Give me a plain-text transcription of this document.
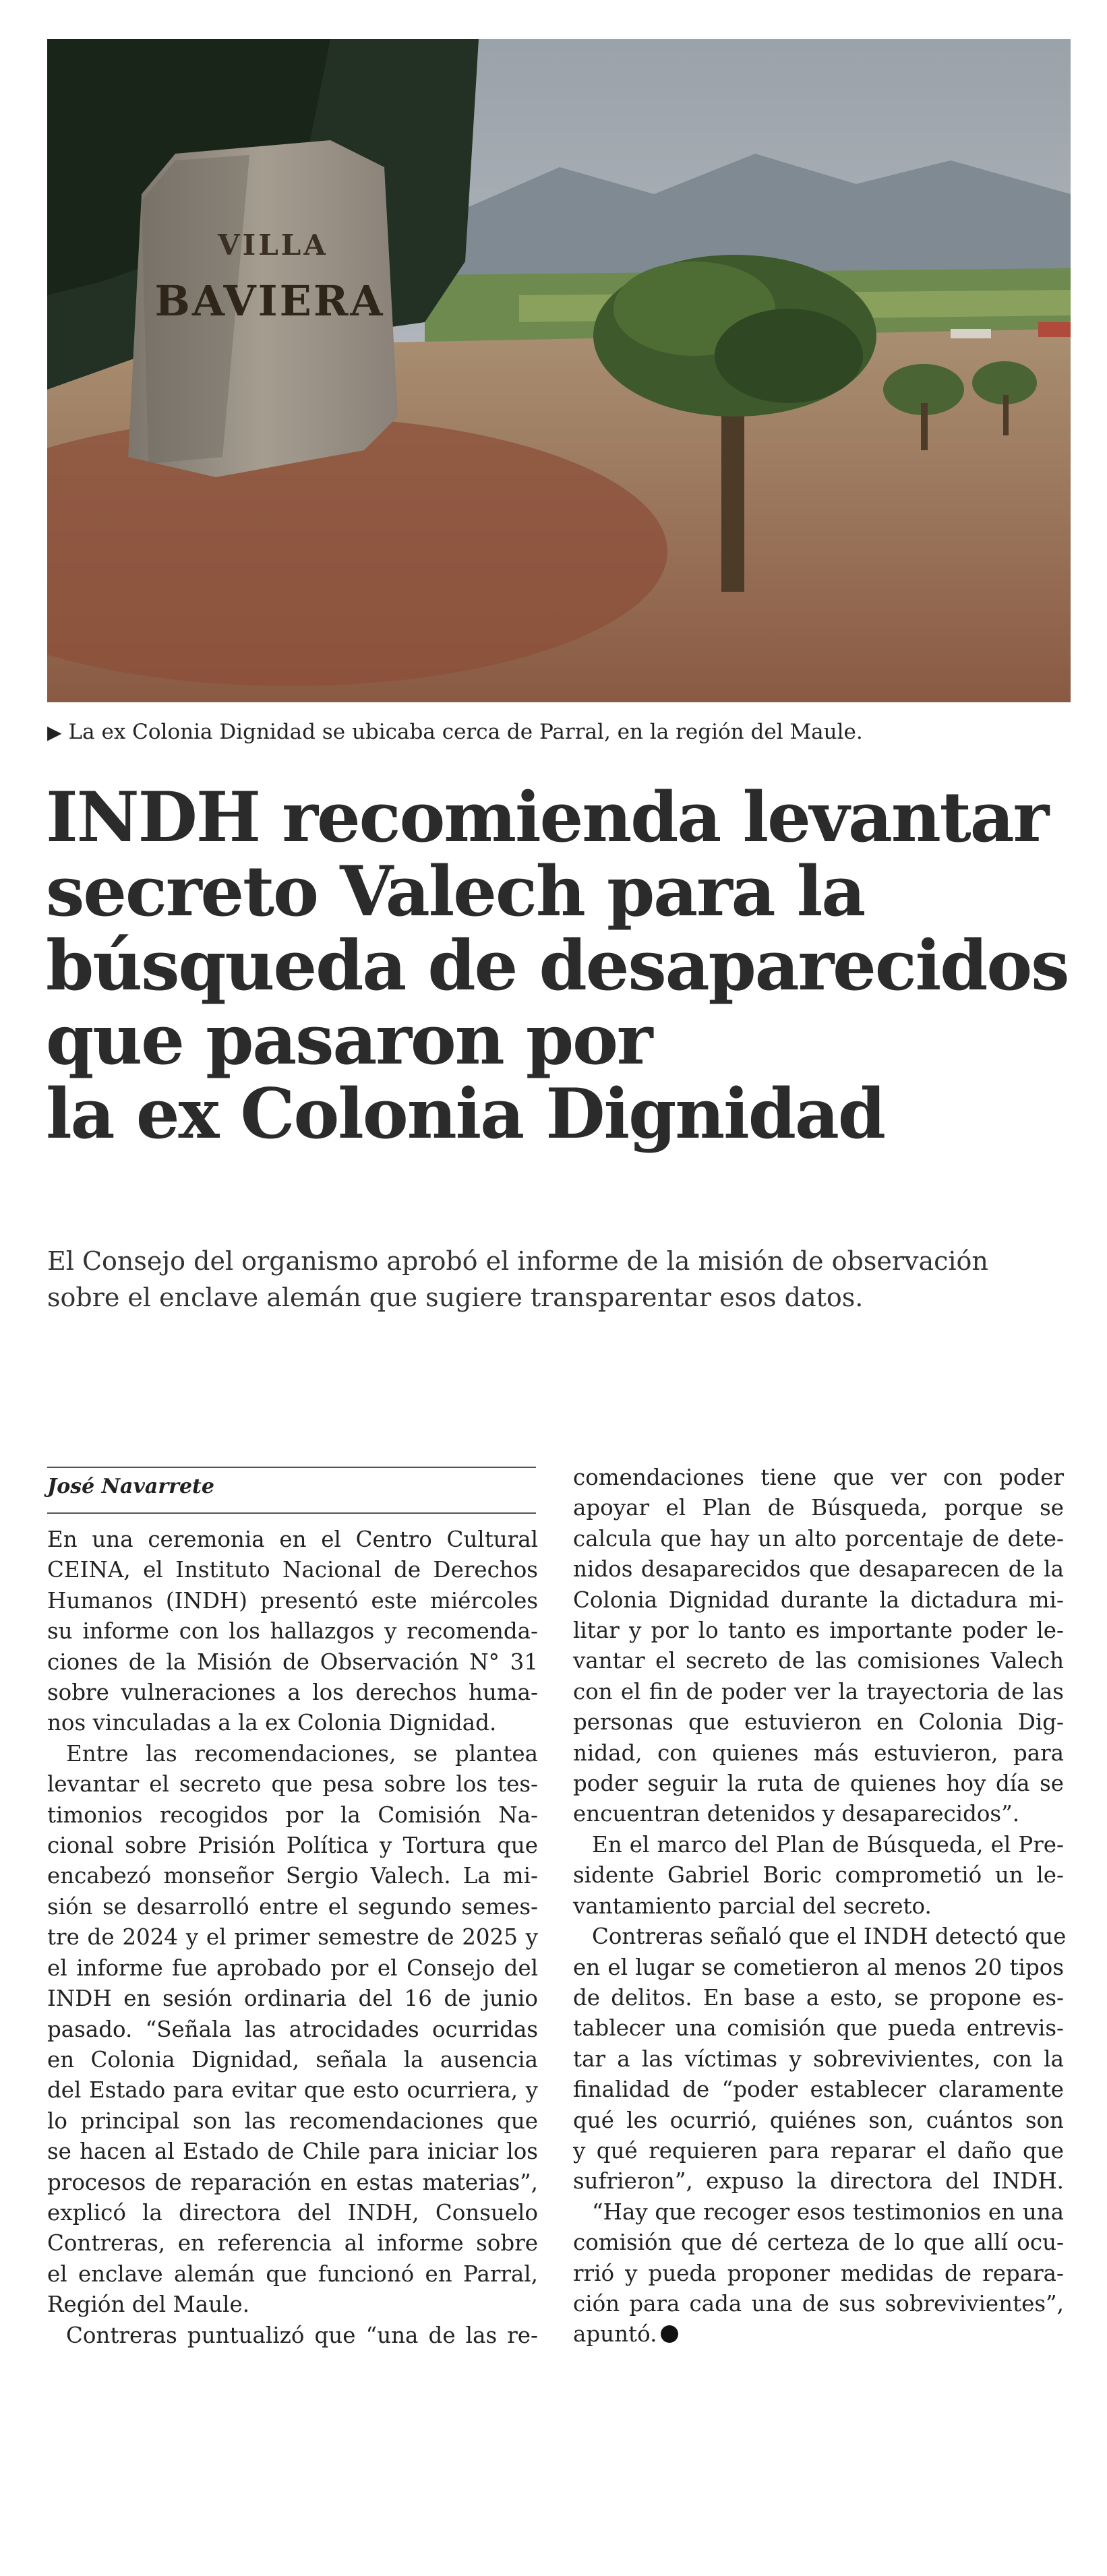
VILLA
BAVIERA
▶ La ex Colonia Dignidad se ubicaba cerca de Parral, en la región del Maule.
INDH recomienda levantar
secreto Valech para la
búsqueda de desaparecidos
que pasaron por
la ex Colonia Dignidad
El Consejo del organismo aprobó el informe de la misión de observación
sobre el enclave alemán que sugiere transparentar esos datos.
José Navarrete
En una ceremonia en el Centro Cultural
CEINA, el Instituto Nacional de Derechos
Humanos (INDH) presentó este miércoles
su informe con los hallazgos y recomenda-
ciones de la Misión de Observación N° 31
sobre vulneraciones a los derechos huma-
nos vinculadas a la ex Colonia Dignidad.
Entre las recomendaciones, se plantea
levantar el secreto que pesa sobre los tes-
timonios recogidos por la Comisión Na-
cional sobre Prisión Política y Tortura que
encabezó monseñor Sergio Valech. La mi-
sión se desarrolló entre el segundo semes-
tre de 2024 y el primer semestre de 2025 y
el informe fue aprobado por el Consejo del
INDH en sesión ordinaria del 16 de junio
pasado. “Señala las atrocidades ocurridas
en Colonia Dignidad, señala la ausencia
del Estado para evitar que esto ocurriera, y
lo principal son las recomendaciones que
se hacen al Estado de Chile para iniciar los
procesos de reparación en estas materias”,
explicó la directora del INDH, Consuelo
Contreras, en referencia al informe sobre
el enclave alemán que funcionó en Parral,
Región del Maule.
Contreras puntualizó que “una de las re-
comendaciones tiene que ver con poder
apoyar el Plan de Búsqueda, porque se
calcula que hay un alto porcentaje de dete-
nidos desaparecidos que desaparecen de la
Colonia Dignidad durante la dictadura mi-
litar y por lo tanto es importante poder le-
vantar el secreto de las comisiones Valech
con el fin de poder ver la trayectoria de las
personas que estuvieron en Colonia Dig-
nidad, con quienes más estuvieron, para
poder seguir la ruta de quienes hoy día se
encuentran detenidos y desaparecidos”.
En el marco del Plan de Búsqueda, el Pre-
sidente Gabriel Boric comprometió un le-
vantamiento parcial del secreto.
Contreras señaló que el INDH detectó que
en el lugar se cometieron al menos 20 tipos
de delitos. En base a esto, se propone es-
tablecer una comisión que pueda entrevis-
tar a las víctimas y sobrevivientes, con la
finalidad de “poder establecer claramente
qué les ocurrió, quiénes son, cuántos son
y qué requieren para reparar el daño que
sufrieron”, expuso la directora del INDH.
“Hay que recoger esos testimonios en una
comisión que dé certeza de lo que allí ocu-
rrió y pueda proponer medidas de repara-
ción para cada una de sus sobrevivientes”,
apuntó.
